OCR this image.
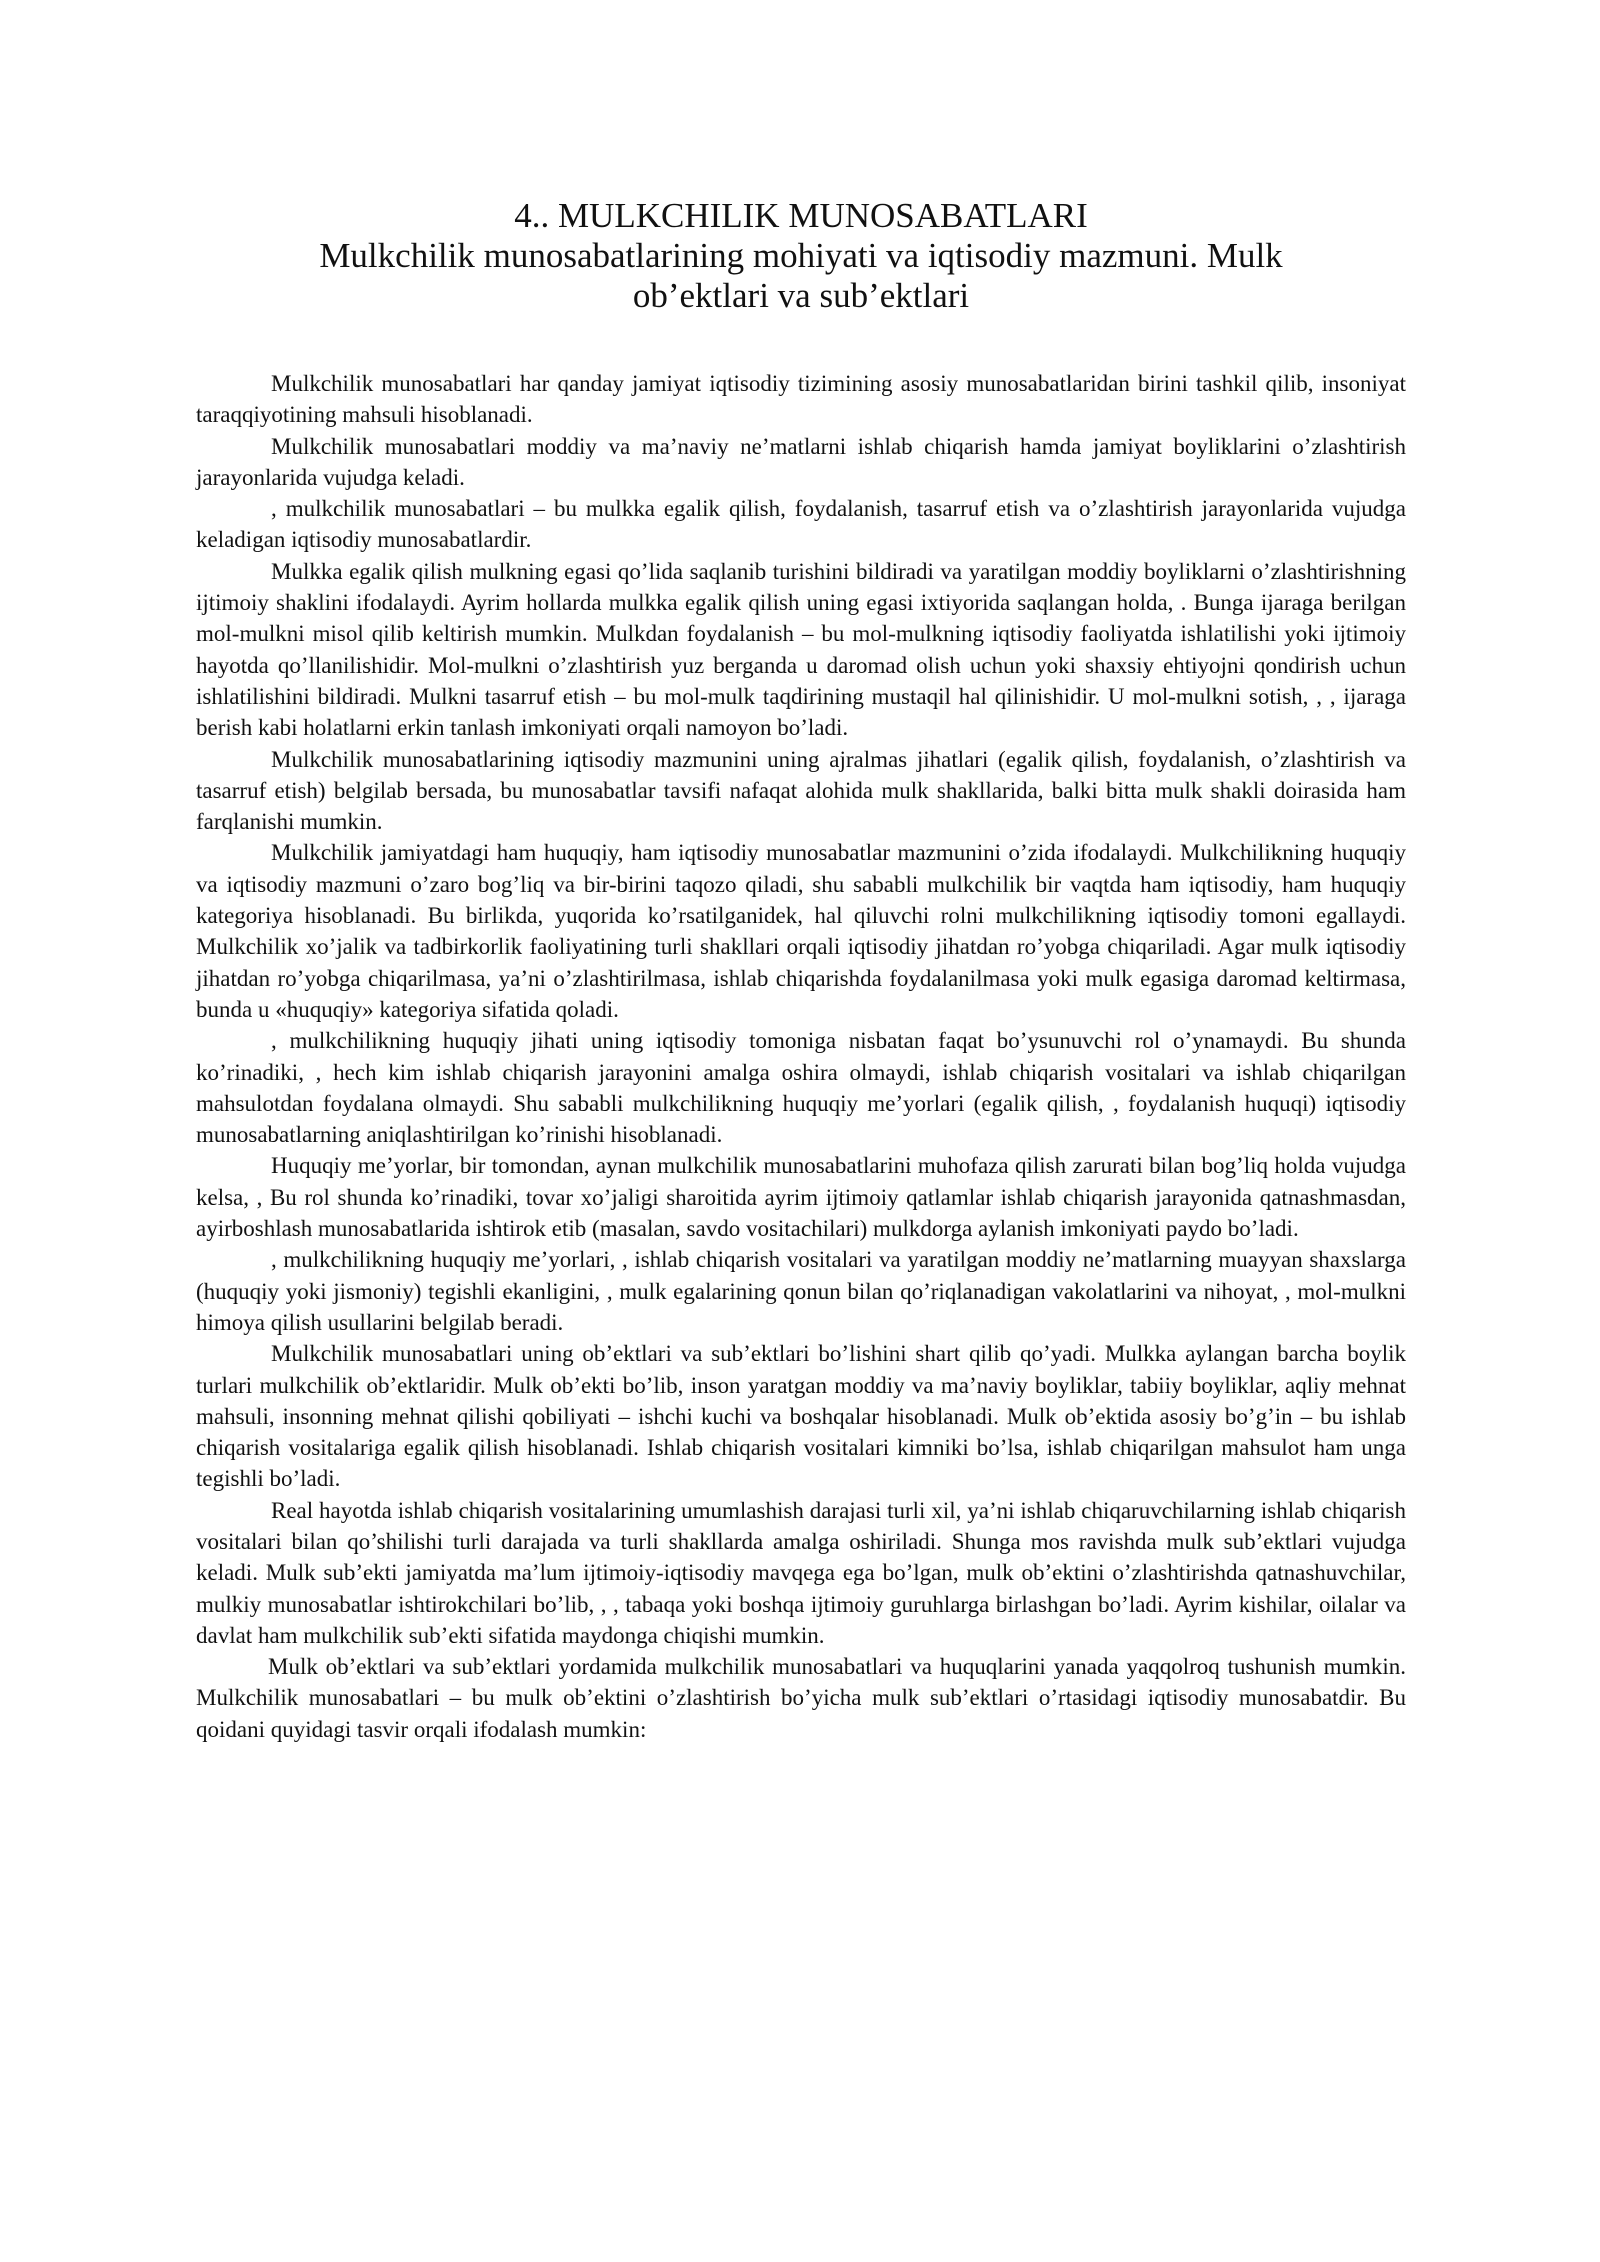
4.. MULKCHILIK MUNOSABATLARI
Mulkchilik munosabatlarining mohiyati va iqtisodiy mazmuni. Mulk
ob’ektlari va sub’ektlari

Mulkchilik munosabatlari har qanday jamiyat iqtisodiy tizimining asosiy munosabatlaridan birini tashkil qilib, insoniyat taraqqiyotining mahsuli hisoblanadi.

Mulkchilik munosabatlari moddiy va ma’naviy ne’matlarni ishlab chiqarish hamda jamiyat boyliklarini o’zlashtirish jarayonlarida vujudga keladi.

, mulkchilik munosabatlari – bu mulkka egalik qilish, foydalanish, tasarruf etish va o’zlashtirish jarayonlarida vujudga keladigan iqtisodiy munosabatlardir.

Mulkka egalik qilish mulkning egasi qo’lida saqlanib turishini bildiradi va yaratilgan moddiy boyliklarni o’zlashtirishning ijtimoiy shaklini ifodalaydi. Ayrim hollarda mulkka egalik qilish uning egasi ixtiyorida saqlangan holda, . Bunga ijaraga berilgan mol-mulkni misol qilib keltirish mumkin. Mulkdan foydalanish – bu mol-mulkning iqtisodiy faoliyatda ishlatilishi yoki ijtimoiy hayotda qo’llanilishidir. Mol-mulkni o’zlashtirish yuz berganda u daromad olish uchun yoki shaxsiy ehtiyojni qondirish uchun ishlatilishini bildiradi. Mulkni tasarruf etish – bu mol-mulk taqdirining mustaqil hal qilinishidir. U mol-mulkni sotish, , , ijaraga berish kabi holatlarni erkin tanlash imkoniyati orqali namoyon bo’ladi.

Mulkchilik munosabatlarining iqtisodiy mazmunini uning ajralmas jihatlari (egalik qilish, foydalanish, o’zlashtirish va tasarruf etish) belgilab bersada, bu munosabatlar tavsifi nafaqat alohida mulk shakllarida, balki bitta mulk shakli doirasida ham farqlanishi mumkin.

Mulkchilik jamiyatdagi ham huquqiy, ham iqtisodiy munosabatlar mazmunini o’zida ifodalaydi. Mulkchilikning huquqiy va iqtisodiy mazmuni o’zaro bog’liq va bir-birini taqozo qiladi, shu sababli mulkchilik bir vaqtda ham iqtisodiy, ham huquqiy kategoriya hisoblanadi. Bu birlikda, yuqorida ko’rsatilganidek, hal qiluvchi rolni mulkchilikning iqtisodiy tomoni egallaydi. Mulkchilik xo’jalik va tadbirkorlik faoliyatining turli shakllari orqali iqtisodiy jihatdan ro’yobga chiqariladi. Agar mulk iqtisodiy jihatdan ro’yobga chiqarilmasa, ya’ni o’zlashtirilmasa, ishlab chiqarishda foydalanilmasa yoki mulk egasiga daromad keltirmasa, bunda u «huquqiy» kategoriya sifatida qoladi.

, mulkchilikning huquqiy jihati uning iqtisodiy tomoniga nisbatan faqat bo’ysunuvchi rol o’ynamaydi. Bu shunda ko’rinadiki, , hech kim ishlab chiqarish jarayonini amalga oshira olmaydi, ishlab chiqarish vositalari va ishlab chiqarilgan mahsulotdan foydalana olmaydi. Shu sababli mulkchilikning huquqiy me’yorlari (egalik qilish, , foydalanish huquqi) iqtisodiy munosabatlarning aniqlashtirilgan ko’rinishi hisoblanadi.

Huquqiy me’yorlar, bir tomondan, aynan mulkchilik munosabatlarini muhofaza qilish zarurati bilan bog’liq holda vujudga kelsa, , Bu rol shunda ko’rinadiki, tovar xo’jaligi sharoitida ayrim ijtimoiy qatlamlar ishlab chiqarish jarayonida qatnashmasdan, ayirboshlash munosabatlarida ishtirok etib (masalan, savdo vositachilari) mulkdorga aylanish imkoniyati paydo bo’ladi.

, mulkchilikning huquqiy me’yorlari, , ishlab chiqarish vositalari va yaratilgan moddiy ne’matlarning muayyan shaxslarga (huquqiy yoki jismoniy) tegishli ekanligini, , mulk egalarining qonun bilan qo’riqlanadigan vakolatlarini va nihoyat, , mol-mulkni himoya qilish usullarini belgilab beradi.

Mulkchilik munosabatlari uning ob’ektlari va sub’ektlari bo’lishini shart qilib qo’yadi. Mulkka aylangan barcha boylik turlari mulkchilik ob’ektlaridir. Mulk ob’ekti bo’lib, inson yaratgan moddiy va ma’naviy boyliklar, tabiiy boyliklar, aqliy mehnat mahsuli, insonning mehnat qilishi qobiliyati – ishchi kuchi va boshqalar hisoblanadi. Mulk ob’ektida asosiy bo’g’in – bu ishlab chiqarish vositalariga egalik qilish hisoblanadi. Ishlab chiqarish vositalari kimniki bo’lsa, ishlab chiqarilgan mahsulot ham unga tegishli bo’ladi.

Real hayotda ishlab chiqarish vositalarining umumlashish darajasi turli xil, ya’ni ishlab chiqaruvchilarning ishlab chiqarish vositalari bilan qo’shilishi turli darajada va turli shakllarda amalga oshiriladi. Shunga mos ravishda mulk sub’ektlari vujudga keladi. Mulk sub’ekti jamiyatda ma’lum ijtimoiy-iqtisodiy mavqega ega bo’lgan, mulk ob’ektini o’zlashtirishda qatnashuvchilar, mulkiy munosabatlar ishtirokchilari bo’lib, , , tabaqa yoki boshqa ijtimoiy guruhlarga birlashgan bo’ladi. Ayrim kishilar, oilalar va davlat ham mulkchilik sub’ekti sifatida maydonga chiqishi mumkin.

Mulk ob’ektlari va sub’ektlari yordamida mulkchilik munosabatlari va huquqlarini yanada yaqqolroq tushunish mumkin. Mulkchilik munosabatlari – bu mulk ob’ektini o’zlashtirish bo’yicha mulk sub’ektlari o’rtasidagi iqtisodiy munosabatdir. Bu qoidani quyidagi tasvir orqali ifodalash mumkin:
